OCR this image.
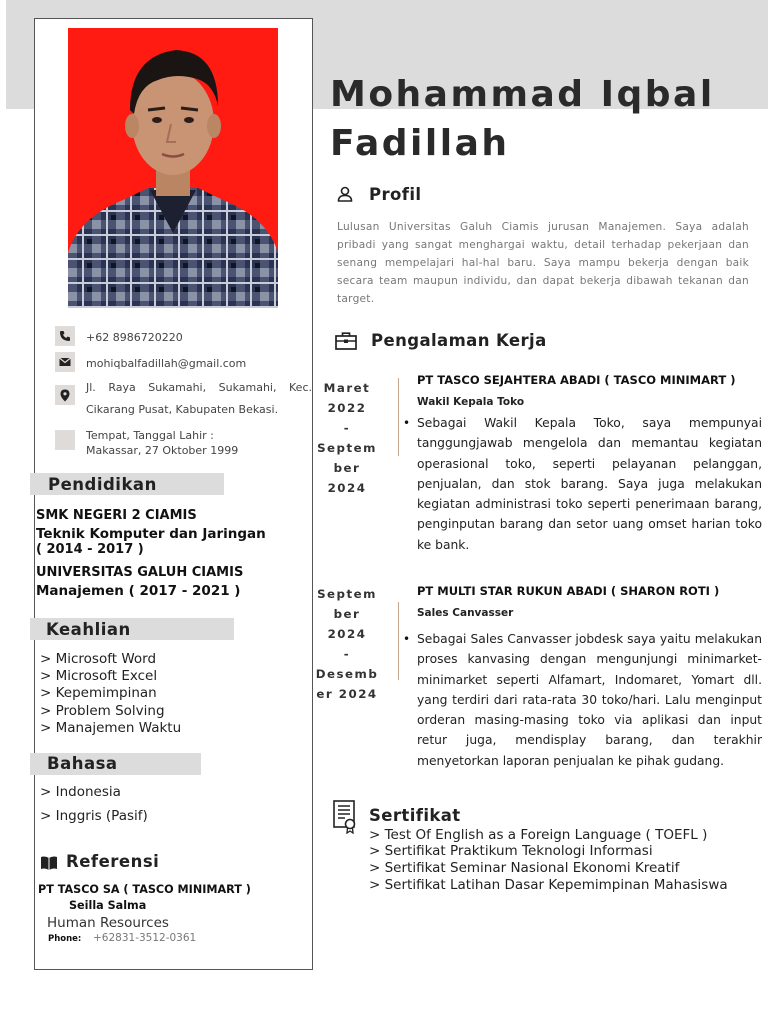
+62 8986720220
mohiqbalfadillah@gmail.com
Jl. Raya Sukamahi, Sukamahi, Kec. Cikarang Pusat, Kabupaten Bekasi.
Tempat, Tanggal Lahir :
Makassar, 27 Oktober 1999
Pendidikan
SMK NEGERI 2 CIAMIS
Teknik Komputer dan Jaringan
( 2014 - 2017 )
UNIVERSITAS GALUH CIAMIS
Manajemen ( 2017 - 2021 )
Keahlian
> Microsoft Word
> Microsoft Excel
> Kepemimpinan
> Problem Solving
> Manajemen Waktu
Bahasa
> Indonesia
> Inggris (Pasif)
Referensi
PT TASCO SA ( TASCO MINIMART )
Seilla Salma
Human Resources
Phone: +62831-3512-0361
Mohammad Iqbal
Fadillah
Profil
Lulusan Universitas Galuh Ciamis jurusan Manajemen. Saya adalah pribadi yang sangat menghargai waktu, detail terhadap pekerjaan dan senang mempelajari hal-hal baru. Saya mampu bekerja dengan baik secara team maupun individu, dan dapat bekerja dibawah tekanan dan target.
Pengalaman Kerja
Maret
2022
-
Septem
ber
2024
PT TASCO SEJAHTERA ABADI ( TASCO MINIMART )
Wakil Kepala Toko
• Sebagai Wakil Kepala Toko, saya mempunyai tanggungjawab mengelola dan memantau kegiatan operasional toko, seperti pelayanan pelanggan, penjualan, dan stok barang. Saya juga melakukan kegiatan administrasi toko seperti penerimaan barang, penginputan barang dan setor uang omset harian toko ke bank.
Septem
ber
2024
-
Desemb
er 2024
PT MULTI STAR RUKUN ABADI ( SHARON ROTI )
Sales Canvasser
• Sebagai Sales Canvasser jobdesk saya yaitu melakukan proses kanvasing dengan mengunjungi minimarket-minimarket seperti Alfamart, Indomaret, Yomart dll. yang terdiri dari rata-rata 30 toko/hari. Lalu menginput orderan masing-masing toko via aplikasi dan input retur juga, mendisplay barang, dan terakhir menyetorkan laporan penjualan ke pihak gudang.
Sertifikat
> Test Of English as a Foreign Language ( TOEFL )
> Sertifikat Praktikum Teknologi Informasi
> Sertifikat Seminar Nasional Ekonomi Kreatif
> Sertifikat Latihan Dasar Kepemimpinan Mahasiswa
